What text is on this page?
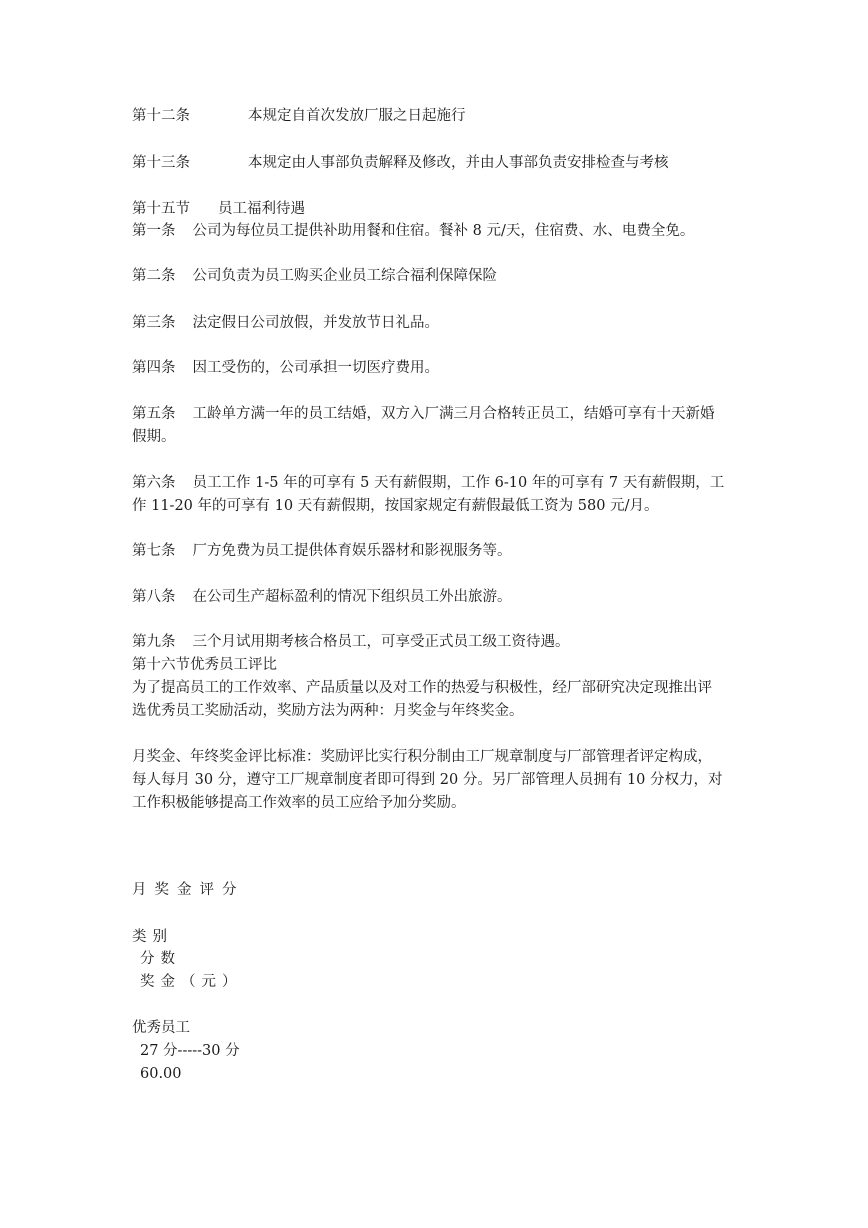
第十二条	本规定自首次发放厂服之日起施行
第十三条	本规定由人事部负责解释及修改，并由人事部负责安排检查与考核
第十五节 员工福利待遇
第一条 公司为每位员工提供补助用餐和住宿。餐补 8 元/天，住宿费、水、电费全免。
第二条 公司负责为员工购买企业员工综合福利保障保险
第三条 法定假日公司放假，并发放节日礼品。
第四条 因工受伤的，公司承担一切医疗费用。
第五条 工龄单方满一年的员工结婚，双方入厂满三月合格转正员工，结婚可享有十天新婚
假期。
第六条 员工工作 1-5 年的可享有 5 天有薪假期，工作 6-10 年的可享有 7 天有薪假期，工
作 11-20 年的可享有 10 天有薪假期，按国家规定有薪假最低工资为 580 元/月。
第七条 厂方免费为员工提供体育娱乐器材和影视服务等。
第八条 在公司生产超标盈利的情况下组织员工外出旅游。
第九条 三个月试用期考核合格员工，可享受正式员工级工资待遇。
第十六节优秀员工评比
为了提高员工的工作效率、产品质量以及对工作的热爱与积极性，经厂部研究决定现推出评
选优秀员工奖励活动，奖励方法为两种：月奖金与年终奖金。
月奖金、年终奖金评比标准：奖励评比实行积分制由工厂规章制度与厂部管理者评定构成，
每人每月 30 分，遵守工厂规章制度者即可得到 20 分。另厂部管理人员拥有 10 分权力，对
工作积极能够提高工作效率的员工应给予加分奖励。
月奖金评分
类别
分数
奖金（元）
优秀员工
27 分-----30 分
60.00
